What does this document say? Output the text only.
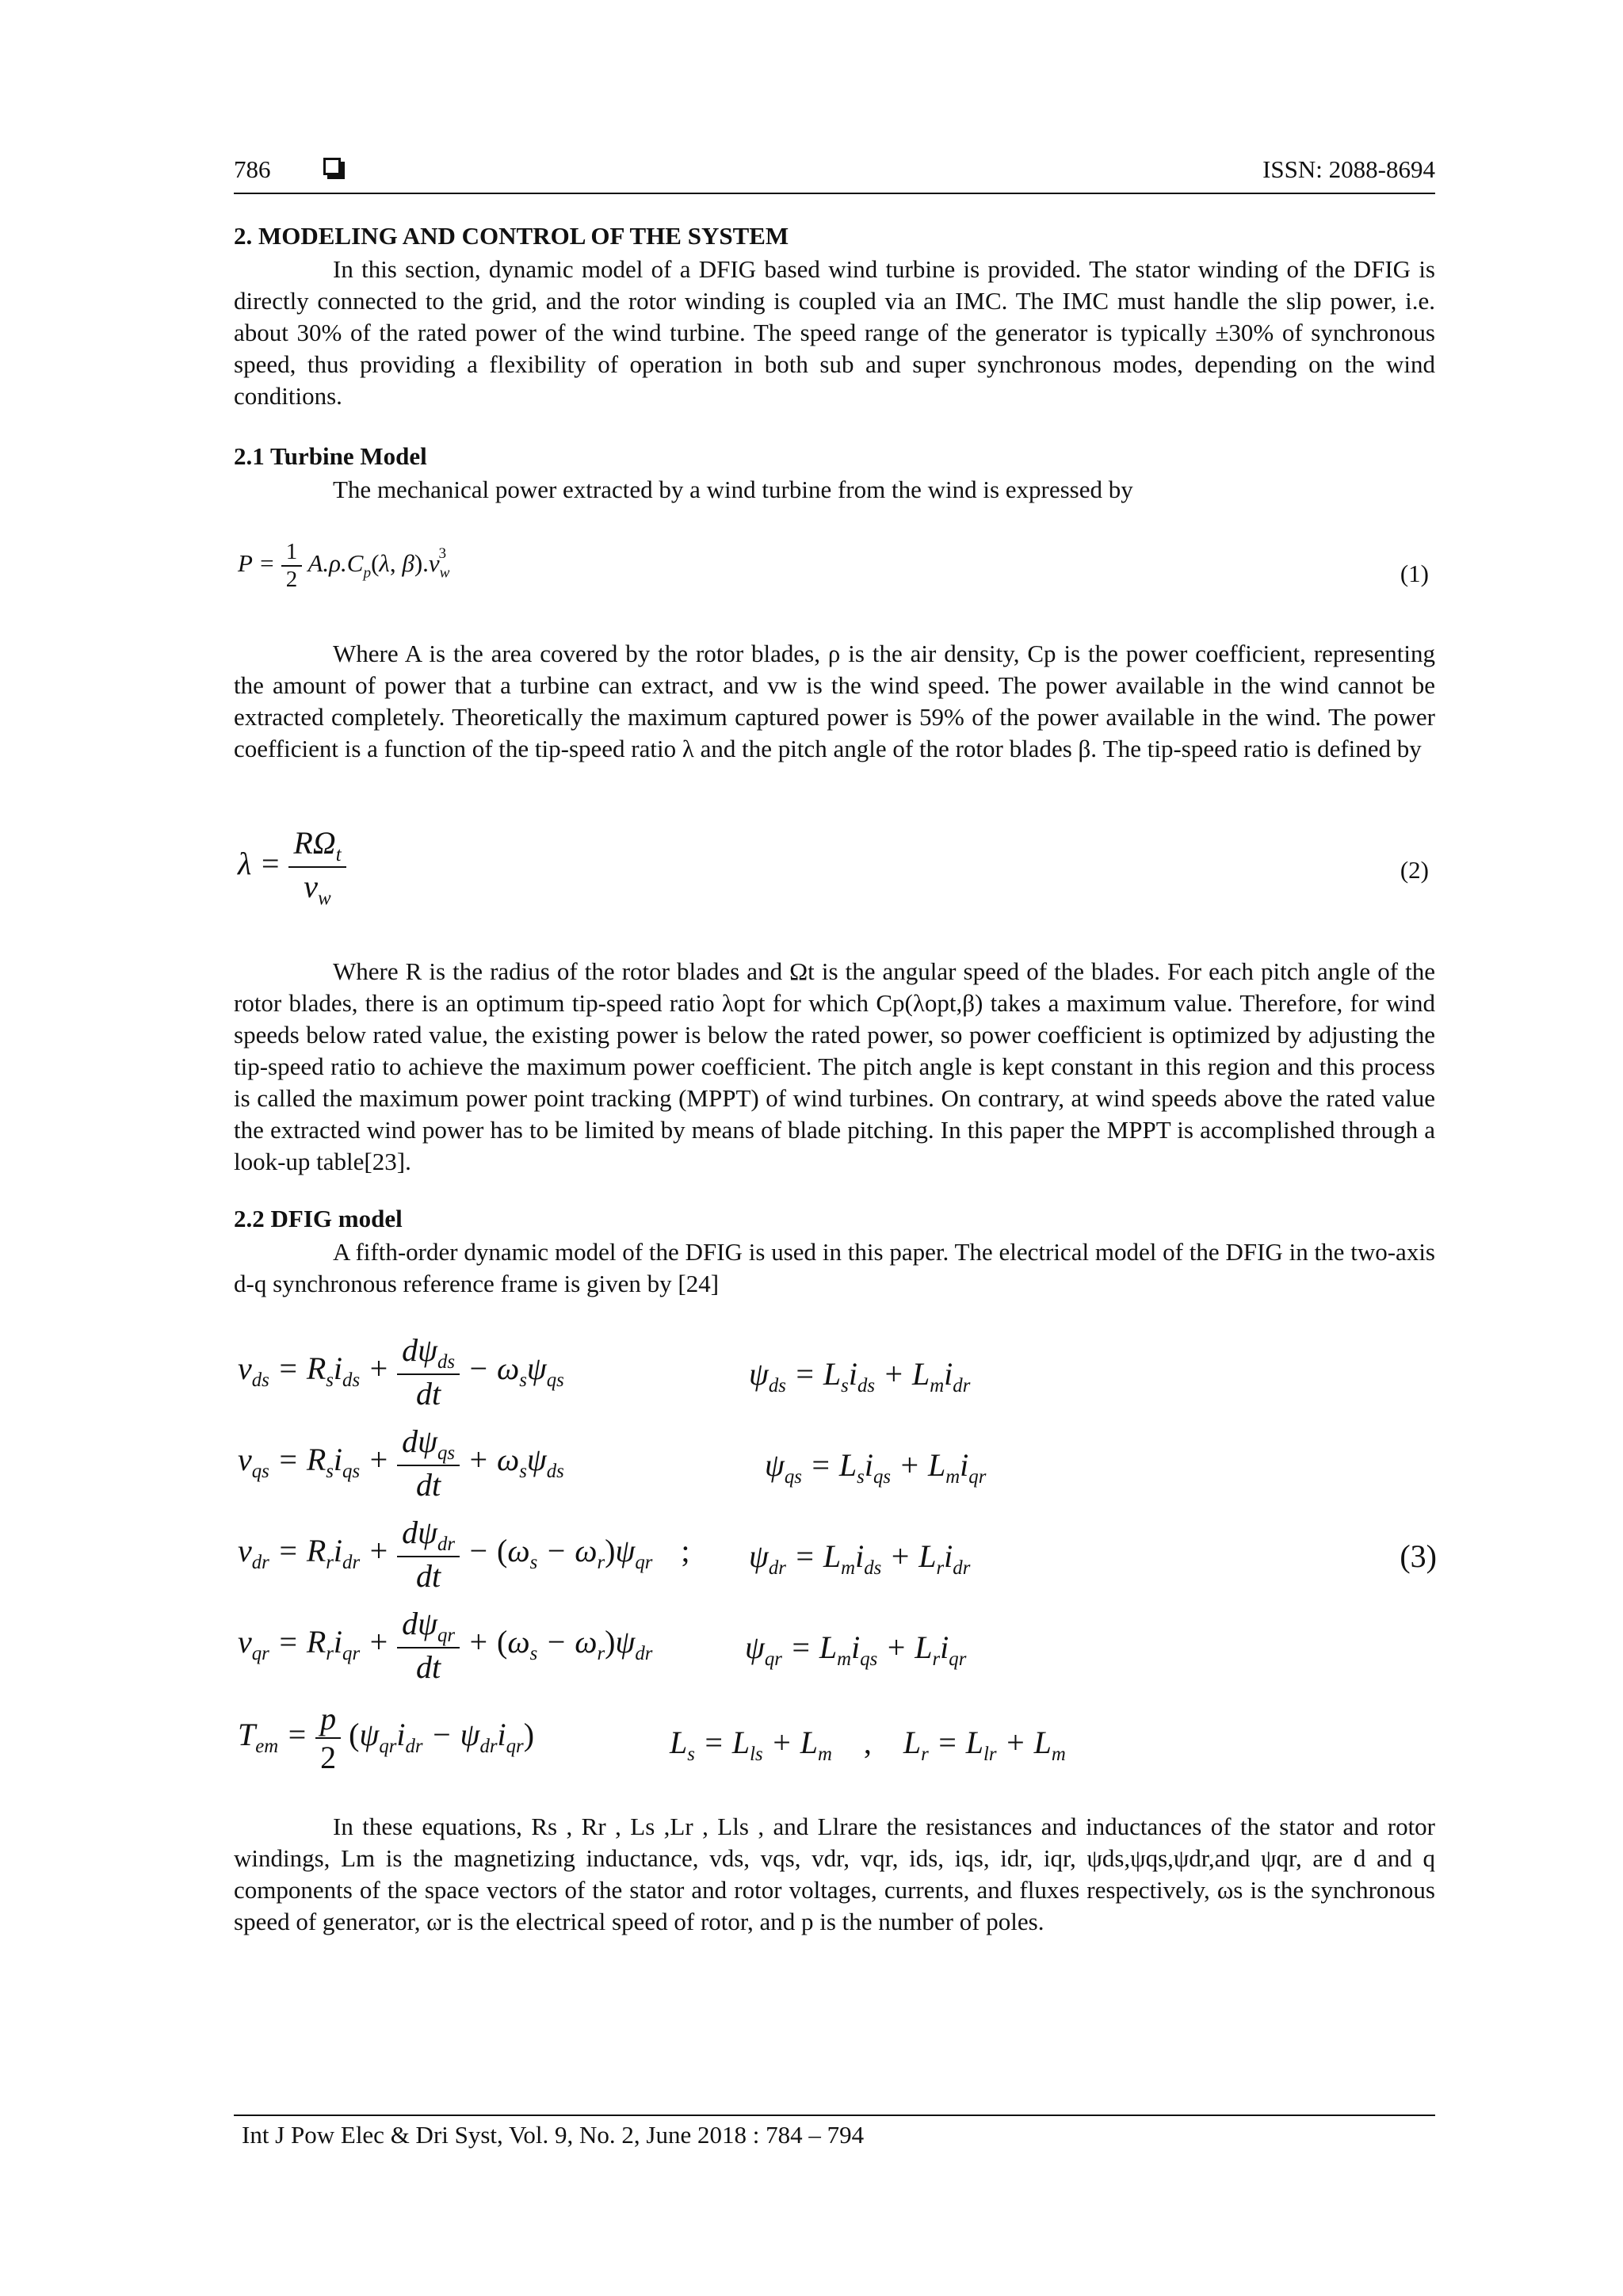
786	ISSN: 2088-8694
2. MODELING AND CONTROL OF THE SYSTEM

In this section, dynamic model of a DFIG based wind turbine is provided. The stator winding of the DFIG is directly connected to the grid, and the rotor winding is coupled via an IMC. The IMC must handle the slip power, i.e. about 30% of the rated power of the wind turbine. The speed range of the generator is typically ±30% of synchronous speed, thus providing a flexibility of operation in both sub and super synchronous modes, depending on the wind conditions.

2.1 Turbine Model

The mechanical power extracted by a wind turbine from the wind is expressed by

$P = \frac{1}{2} A.\rho.C_p(\lambda$, $\beta).v_w^3$
(1)

Where A is the area covered by the rotor blades, ρ is the air density, Cp is the power coefficient, representing the amount of power that a turbine can extract, and vw is the wind speed. The power available in the wind cannot be extracted completely. Theoretically the maximum captured power is 59% of the power available in the wind. The power coefficient is a function of the tip-speed ratio λ and the pitch angle of the rotor blades β. The tip-speed ratio is defined by

$\lambda = \frac{R\Omega_t}{v_w}$	(2)

Where R is the radius of the rotor blades and Ωt is the angular speed of the blades. For each pitch angle of the rotor blades, there is an optimum tip-speed ratio λopt for which Cp(λopt,β) takes a maximum value. Therefore, for wind speeds below rated value, the existing power is below the rated power, so power coefficient is optimized by adjusting the tip-speed ratio to achieve the maximum power coefficient. The pitch angle is kept constant in this region and this process is called the maximum power point tracking (MPPT) of wind turbines. On contrary, at wind speeds above the rated value the extracted wind power has to be limited by means of blade pitching. In this paper the MPPT is accomplished through a look-up table[23].

2.2 DFIG model

A fifth-order dynamic model of the DFIG is used in this paper. The electrical model of the DFIG in the two-axis d-q synchronous reference frame is given by [24]

$v_{ds} = R_si_{ds} + \frac{d\psi_{ds}}{dt} - \omega_s\psi_{qs}$	$\psi_{ds} = L_si_{ds} + L_mi_{dr}$
$v_{qs} = R_si_{qs} + \frac{d\psi_{qs}}{dt} + \omega_s\psi_{ds}$	$\psi_{qs} = L_si_{qs} + L_mi_{qr}$
$v_{dr} = R_ri_{dr} + \frac{d\psi_{dr}}{dt} - (\omega_s - \omega_r)\psi_{qr}$ ; $\psi_{dr} = L_mi_{ds} + L_ri_{dr}$	(3)
$v_{qr} = R_ri_{qr} + \frac{d\psi_{qr}}{dt} + (\omega_s - \omega_r)\psi_{dr}$	$\psi_{qr} = L_mi_{qs} + L_ri_{qr}$
$T_{em} = \frac{p}{2} (\psi_{qr}i_{dr} - \psi_{dr}i_{qr})$	$L_s = L_{ls} + L_m$ , $L_r = L_{lr} + L_m$

In these equations, Rs , Rr , Ls ,Lr , Lls , and Llrare the resistances and inductances of the stator and rotor windings, Lm is the magnetizing inductance, vds, vqs, vdr, vqr, ids, iqs, idr, iqr, ψds,ψqs,ψdr,and ψqr, are d and q components of the space vectors of the stator and rotor voltages, currents, and fluxes respectively, ωs is the synchronous speed of generator, ωr is the electrical speed of rotor, and p is the number of poles.

Int J Pow Elec & Dri Syst, Vol. 9, No. 2, June 2018 : 784 – 794
